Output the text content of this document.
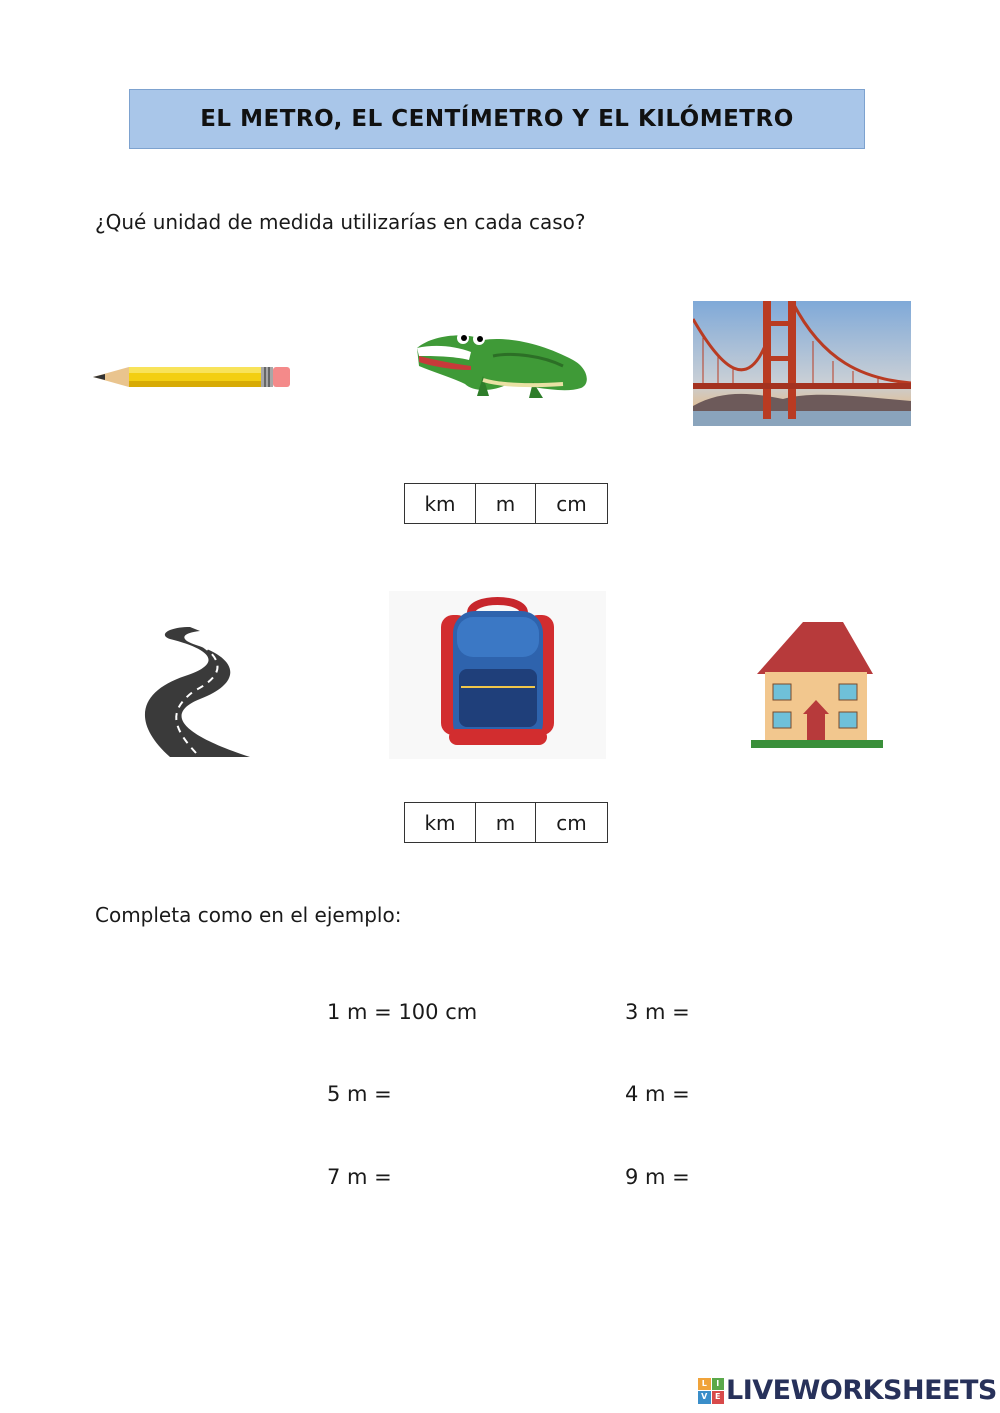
EL METRO, EL CENTÍMETRO Y EL KILÓMETRO
¿Qué unidad de medida utilizarías en cada caso?
km	m	cm
km	m	cm
Completa como en el ejemplo:
1 m = 100 cm	3 m =
5 m =	4 m =
7 m =	9 m =
L	I
V E LIVEWORKSHEETS
